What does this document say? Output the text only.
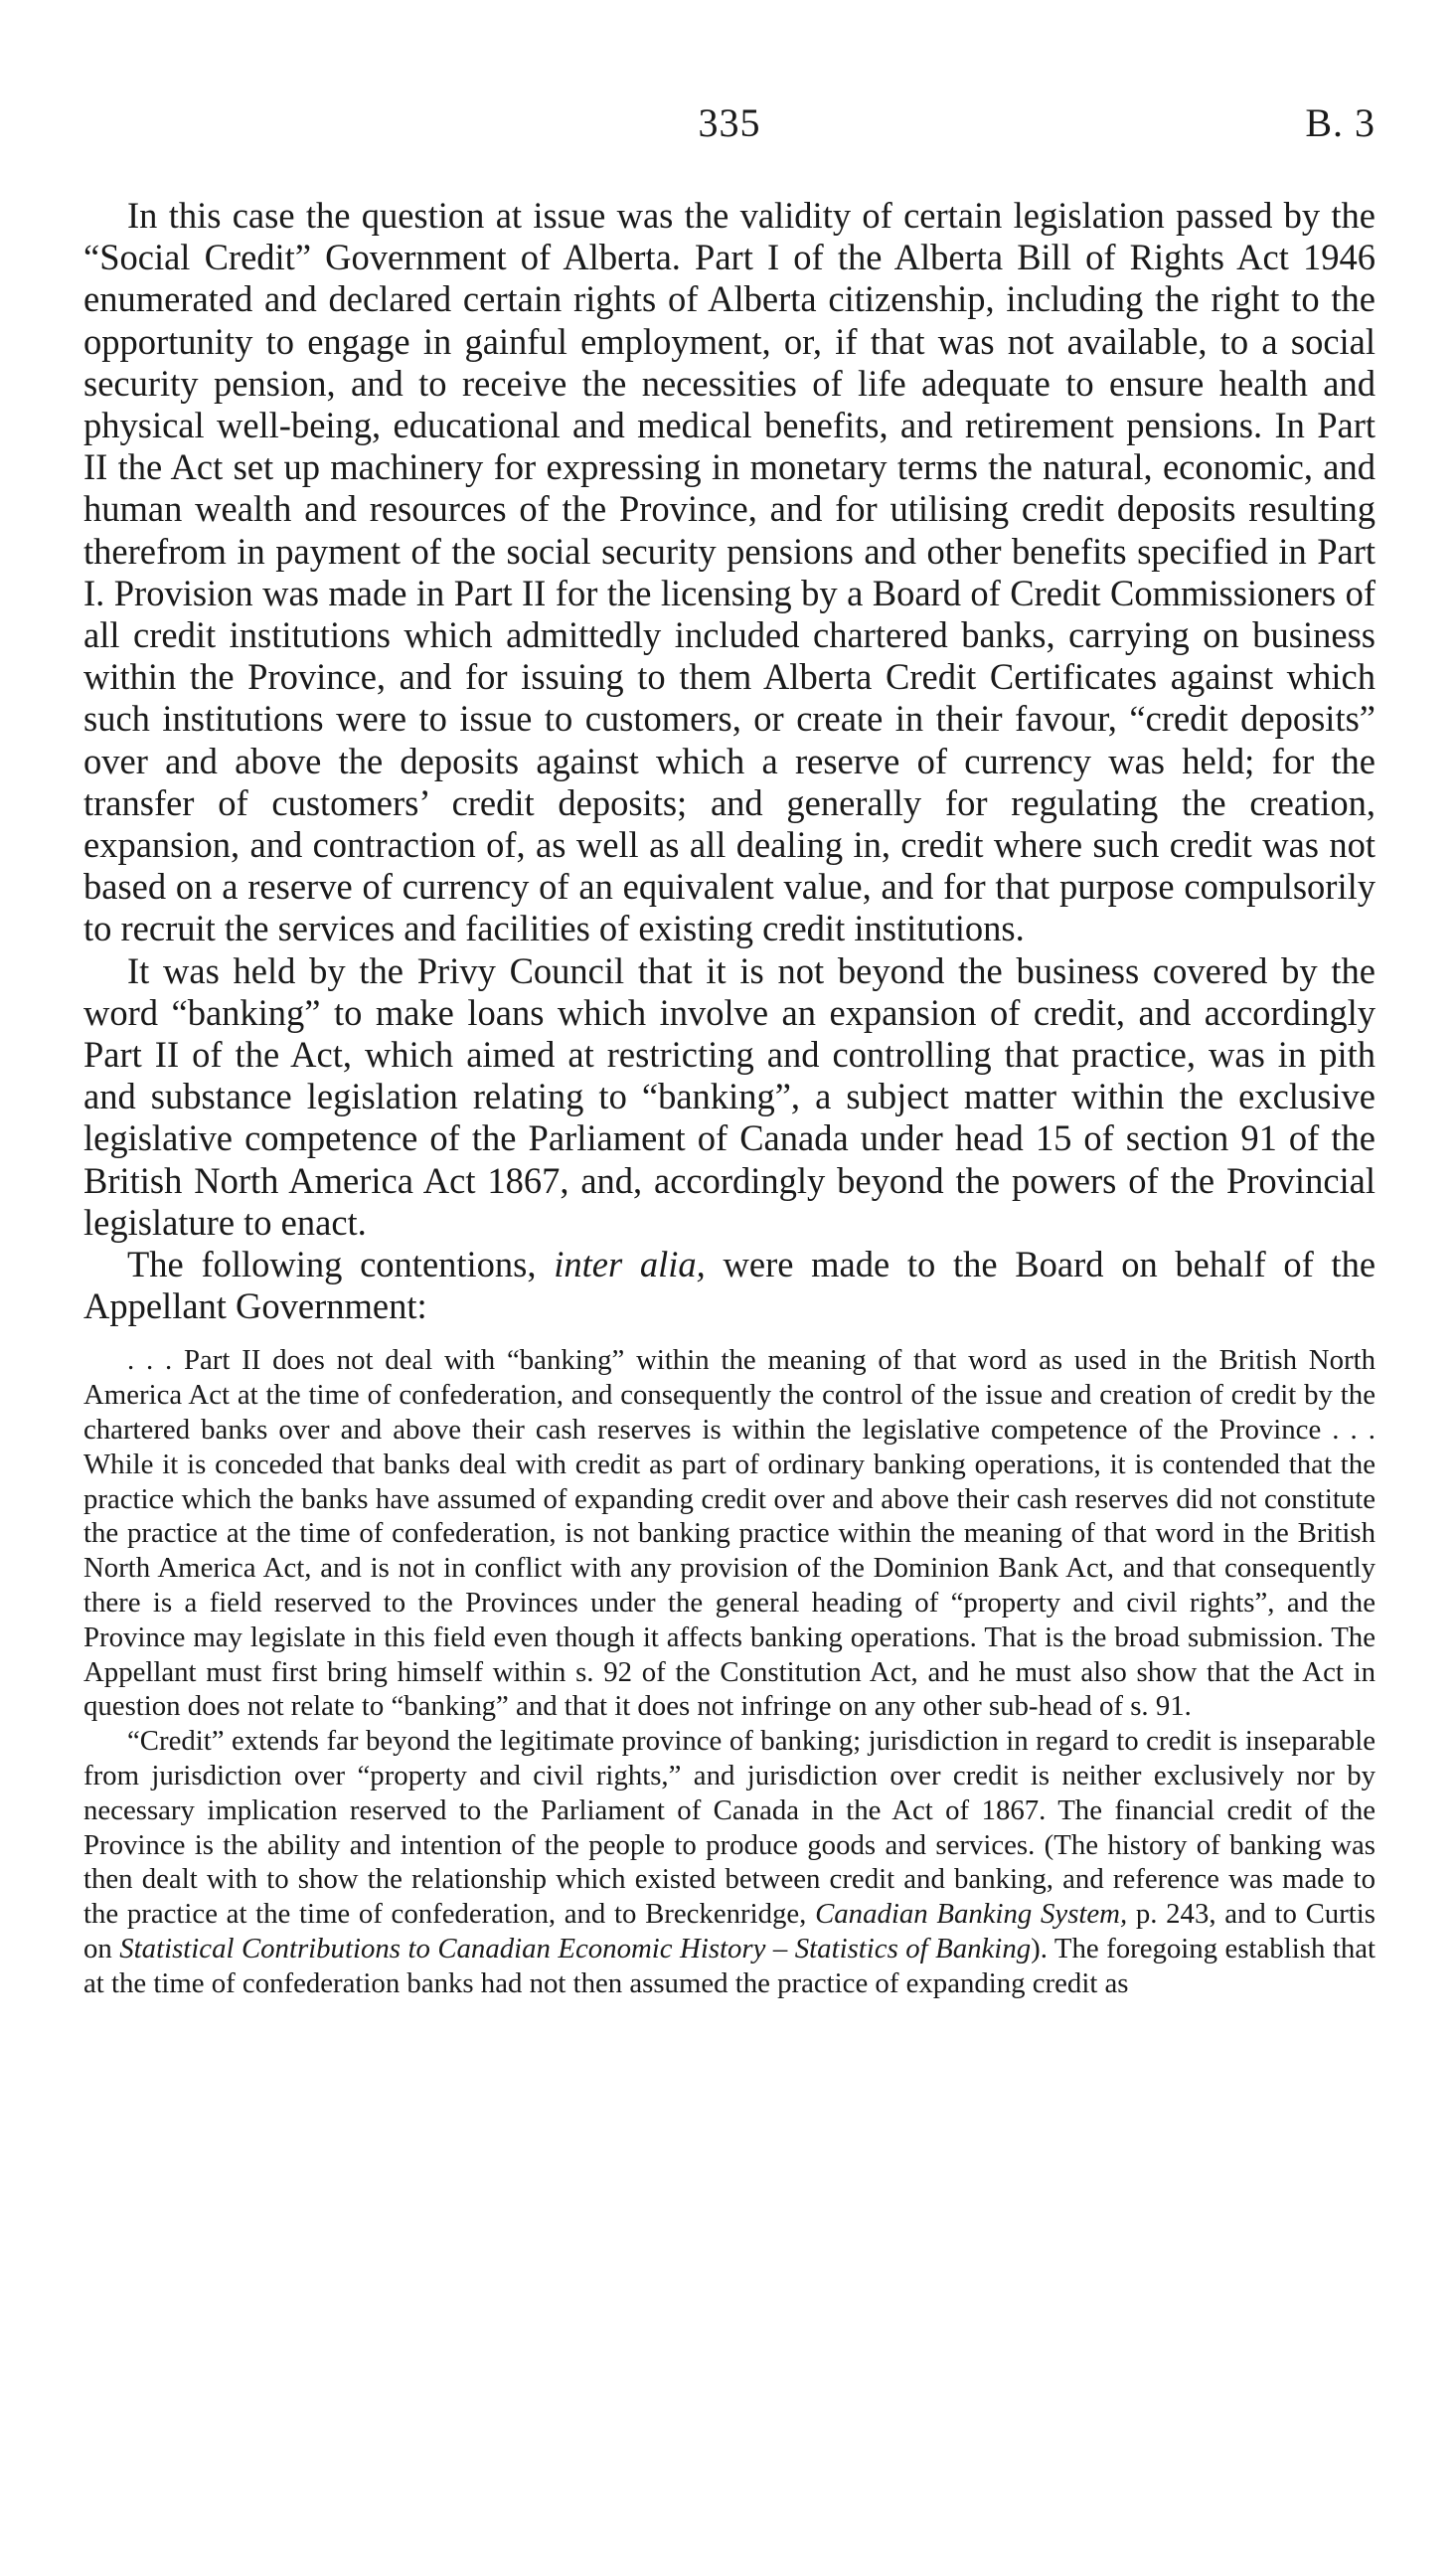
335	B. 3

In this case the question at issue was the validity of certain legislation passed by the “Social Credit” Government of Alberta. Part I of the Alberta Bill of Rights Act 1946 enumerated and declared certain rights of Alberta citizenship, including the right to the opportunity to engage in gainful employment, or, if that was not available, to a social security pension, and to receive the necessities of life adequate to ensure health and physical well-being, educational and medical benefits, and retirement pensions. In Part II the Act set up machinery for expressing in monetary terms the natural, economic, and human wealth and resources of the Province, and for utilising credit deposits resulting therefrom in payment of the social security pensions and other benefits specified in Part I. Provision was made in Part II for the licensing by a Board of Credit Commissioners of all credit institutions which admittedly included chartered banks, carrying on business within the Province, and for issuing to them Alberta Credit Certificates against which such institutions were to issue to customers, or create in their favour, “credit deposits” over and above the deposits against which a reserve of currency was held; for the transfer of customers’ credit deposits; and generally for regulating the creation, expansion, and contraction of, as well as all dealing in, credit where such credit was not based on a reserve of currency of an equivalent value, and for that purpose compulsorily to recruit the services and facilities of existing credit institutions.

It was held by the Privy Council that it is not beyond the business covered by the word “banking” to make loans which involve an expansion of credit, and accordingly Part II of the Act, which aimed at restricting and controlling that practice, was in pith and substance legislation relating to “banking”, a subject matter within the exclusive legislative competence of the Parliament of Canada under head 15 of section 91 of the British North America Act 1867, and, accordingly beyond the powers of the Provincial legislature to enact.

The following contentions, inter alia, were made to the Board on behalf of the Appellant Government:

. . . Part II does not deal with “banking” within the meaning of that word as used in the British North America Act at the time of confederation, and consequently the control of the issue and creation of credit by the chartered banks over and above their cash reserves is within the legislative competence of the Province . . . While it is conceded that banks deal with credit as part of ordinary banking operations, it is contended that the practice which the banks have assumed of expanding credit over and above their cash reserves did not constitute the practice at the time of confederation, is not banking practice within the meaning of that word in the British North America Act, and is not in conflict with any provision of the Dominion Bank Act, and that consequently there is a field reserved to the Provinces under the general heading of “property and civil rights”, and the Province may legislate in this field even though it affects banking operations. That is the broad submission. The Appellant must first bring himself within s. 92 of the Constitution Act, and he must also show that the Act in question does not relate to “banking” and that it does not infringe on any other sub-head of s. 91.

“Credit” extends far beyond the legitimate province of banking; jurisdiction in regard to credit is inseparable from jurisdiction over “property and civil rights,” and jurisdiction over credit is neither exclusively nor by necessary implication reserved to the Parliament of Canada in the Act of 1867. The financial credit of the Province is the ability and intention of the people to produce goods and services. (The history of banking was then dealt with to show the relationship which existed between credit and banking, and reference was made to the practice at the time of confederation, and to Breckenridge, Canadian Banking System, p. 243, and to Curtis on Statistical Contributions to Canadian Economic History – Statistics of Banking). The foregoing establish that at the time of confederation banks had not then assumed the practice of expanding credit as
